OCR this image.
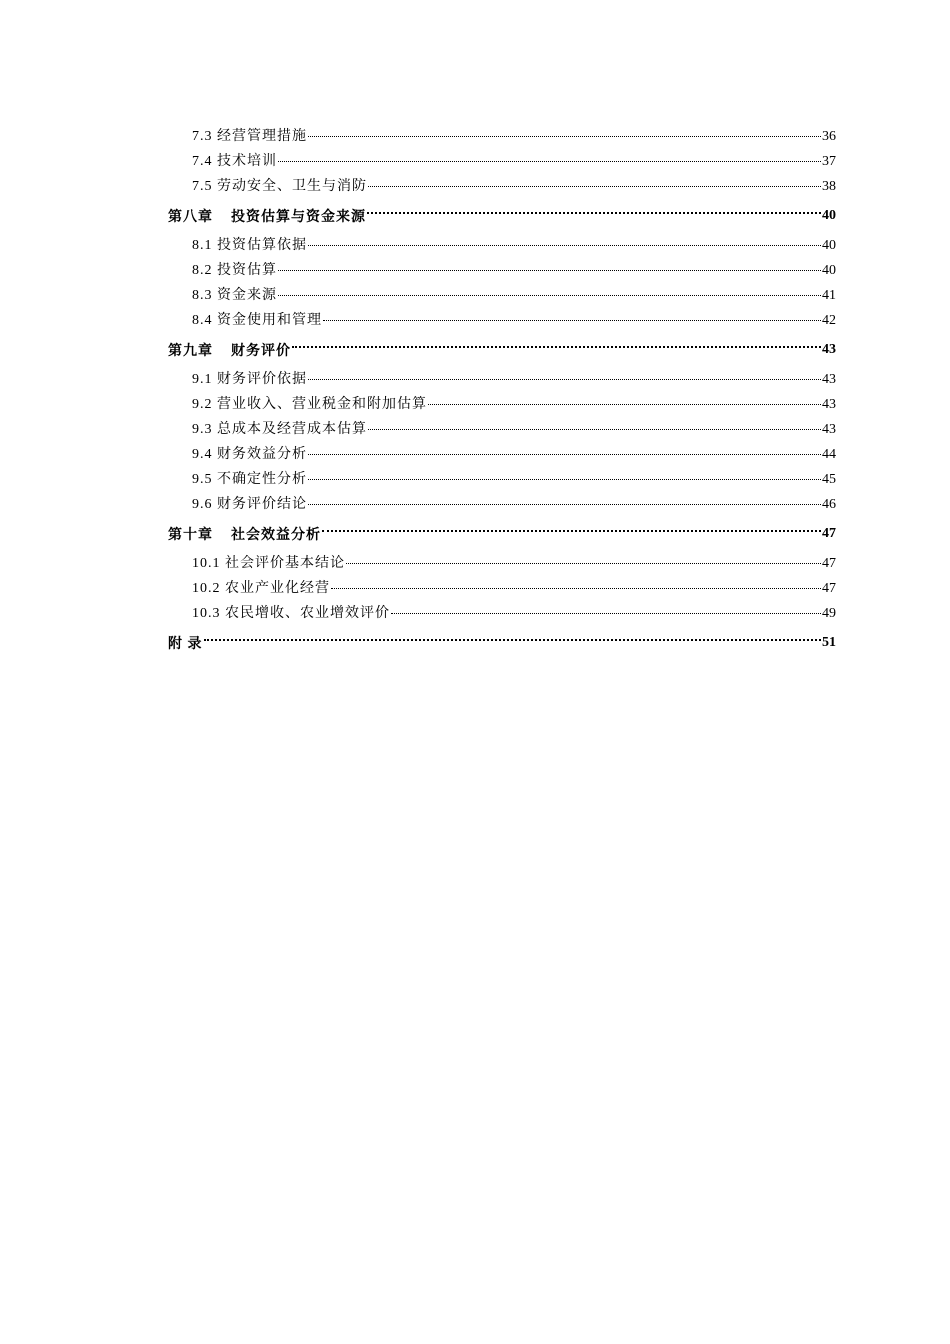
7.3 经营管理措施	36
7.4 技术培训	37
7.5 劳动安全、卫生与消防	38
第八章 投资估算与资金来源	40
8.1 投资估算依据	40
8.2 投资估算	40
8.3 资金来源	41
8.4 资金使用和管理	42
第九章 财务评价	43
9.1 财务评价依据	43
9.2 营业收入、营业税金和附加估算	43
9.3 总成本及经营成本估算	43
9.4 财务效益分析	44
9.5 不确定性分析	45
9.6 财务评价结论	46
第十章 社会效益分析	47
10.1 社会评价基本结论	47
10.2 农业产业化经营	47
10.3 农民增收、农业增效评价	49
附 录	51
